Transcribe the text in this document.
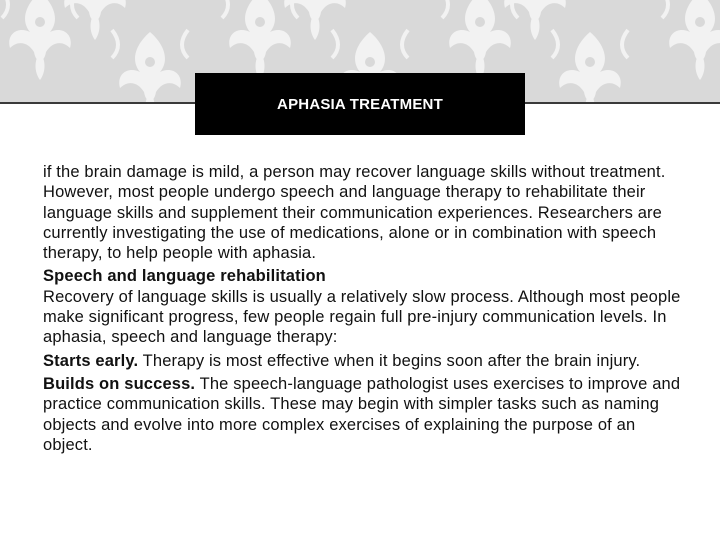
APHASIA TREATMENT

if the brain damage is mild, a person may recover language skills without treatment. However, most people undergo speech and language therapy to rehabilitate their language skills and supplement their communication experiences. Researchers are currently investigating the use of medications, alone or in combination with speech therapy, to help people with aphasia.

Speech and language rehabilitation

Recovery of language skills is usually a relatively slow process. Although most people make significant progress, few people regain full pre-injury communication levels. In aphasia, speech and language therapy:

Starts early. Therapy is most effective when it begins soon after the brain injury.

Builds on success. The speech-language pathologist uses exercises to improve and practice communication skills. These may begin with simpler tasks such as naming objects and evolve into more complex exercises of explaining the purpose of an object.
